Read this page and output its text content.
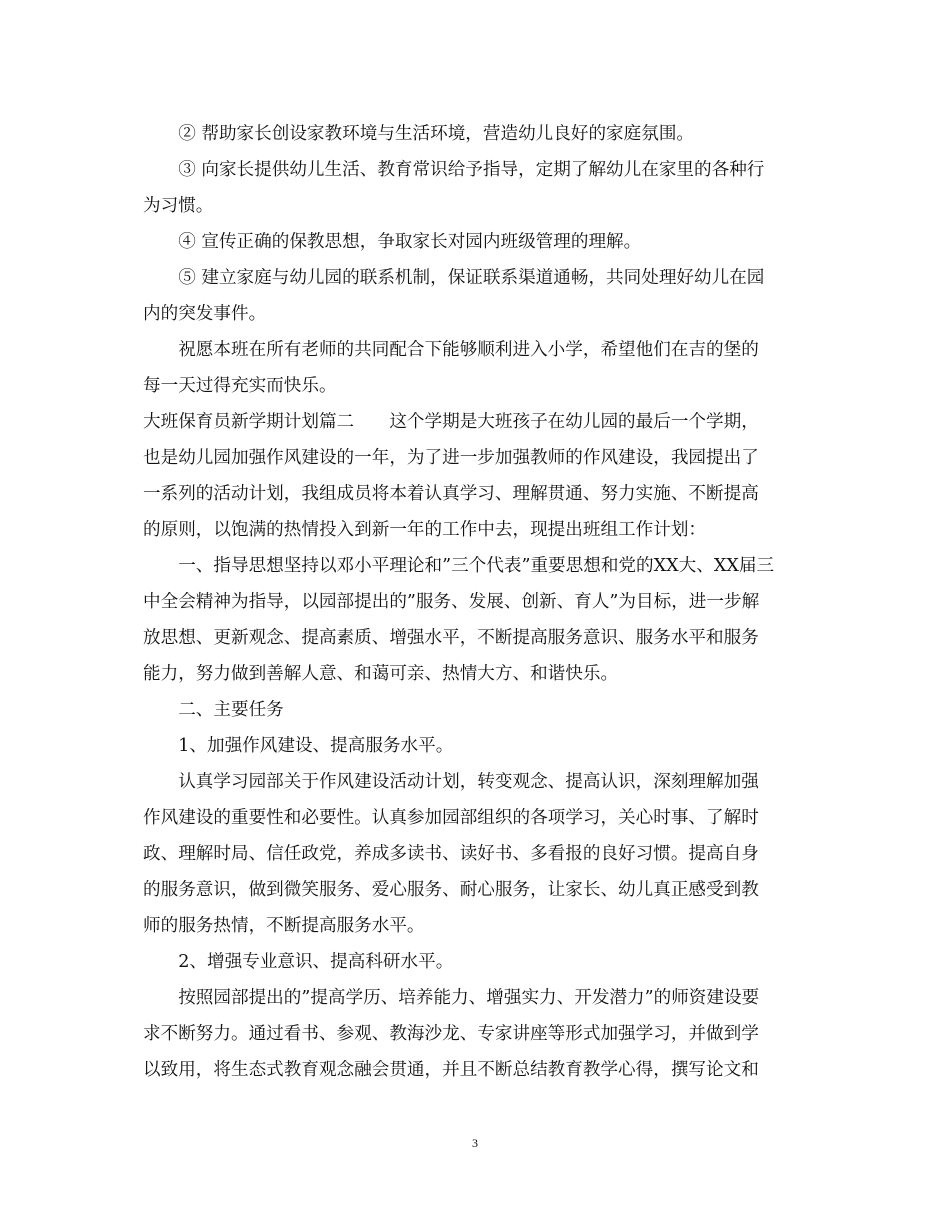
　　② 帮助家长创设家教环境与生活环境，营造幼儿良好的家庭氛围。
　　③ 向家长提供幼儿生活、教育常识给予指导，定期了解幼儿在家里的各种行
为习惯。
　　④ 宣传正确的保教思想，争取家长对园内班级管理的理解。
　　⑤ 建立家庭与幼儿园的联系机制，保证联系渠道通畅，共同处理好幼儿在园
内的突发事件。
　　祝愿本班在所有老师的共同配合下能够顺利进入小学，希望他们在吉的堡的
每一天过得充实而快乐。
大班保育员新学期计划篇二　　这个学期是大班孩子在幼儿园的最后一个学期，
也是幼儿园加强作风建设的一年，为了进一步加强教师的作风建设，我园提出了
一系列的活动计划，我组成员将本着认真学习、理解贯通、努力实施、不断提高
的原则，以饱满的热情投入到新一年的工作中去，现提出班组工作计划：
　　一、指导思想坚持以邓小平理论和”三个代表”重要思想和党的XX大、XX届三
中全会精神为指导，以园部提出的”服务、发展、创新、育人”为目标，进一步解
放思想、更新观念、提高素质、增强水平，不断提高服务意识、服务水平和服务
能力，努力做到善解人意、和蔼可亲、热情大方、和谐快乐。
　　二、主要任务
　　1、加强作风建设、提高服务水平。
　　认真学习园部关于作风建设活动计划，转变观念、提高认识，深刻理解加强
作风建设的重要性和必要性。认真参加园部组织的各项学习，关心时事、了解时
政、理解时局、信任政党，养成多读书、读好书、多看报的良好习惯。提高自身
的服务意识，做到微笑服务、爱心服务、耐心服务，让家长、幼儿真正感受到教
师的服务热情，不断提高服务水平。
　　2、增强专业意识、提高科研水平。
　　按照园部提出的”提高学历、培养能力、增强实力、开发潜力”的师资建设要
求不断努力。通过看书、参观、教海沙龙、专家讲座等形式加强学习，并做到学
以致用，将生态式教育观念融会贯通，并且不断总结教育教学心得，撰写论文和
3
